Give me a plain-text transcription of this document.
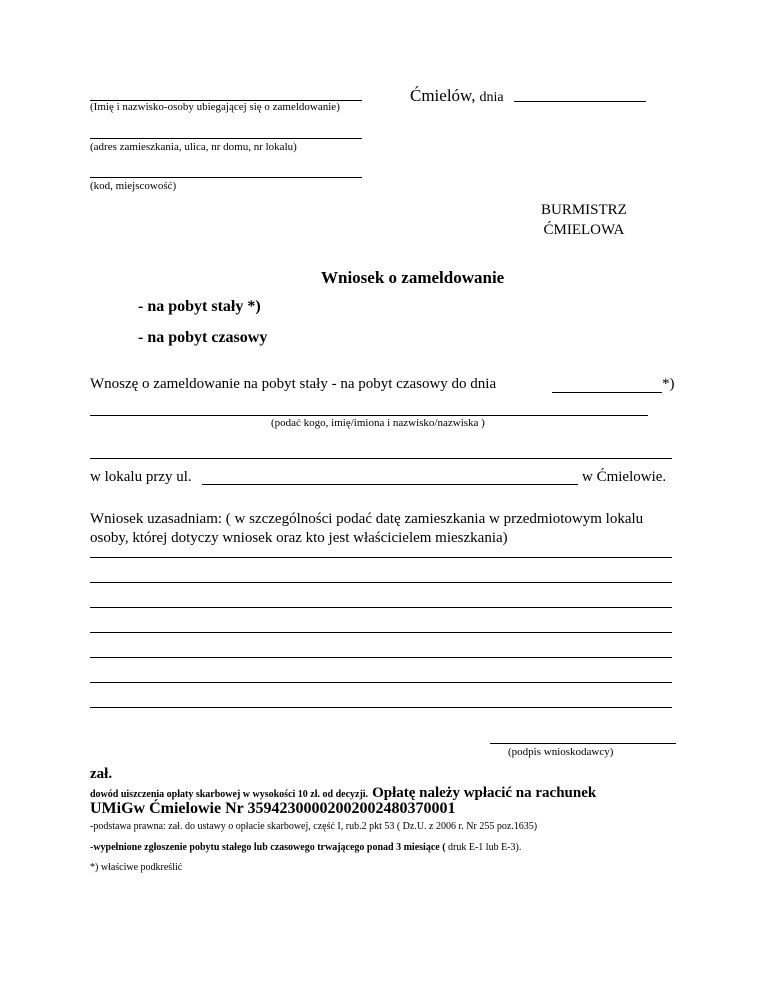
(Imię i nazwisko-osoby ubiegającej się o zameldowanie)
(adres zamieszkania, ulica, nr domu, nr lokalu)
(kod, miejscowość)
Ćmielów, dnia
BURMISTRZ
ĆMIELOWA
Wniosek o zameldowanie
- na pobyt stały *)
- na pobyt czasowy
Wnoszę o zameldowanie na pobyt stały - na pobyt czasowy do dnia	*)
(podać kogo, imię/imiona i nazwisko/nazwiska )
w lokalu przy ul.	w Ćmielowie.
Wniosek uzasadniam: ( w szczególności podać datę zamieszkania w przedmiotowym lokalu
osoby, której dotyczy wniosek oraz kto jest właścicielem mieszkania)
(podpis wnioskodawcy)
zał.
dowód uiszczenia opłaty skarbowej w wysokości 10 zł. od decyzji. Opłatę należy wpłacić na rachunek
UMiGw Ćmielowie Nr 35942300002002002480370001
-podstawa prawna: zał. do ustawy o opłacie skarbowej, część I, rub.2 pkt 53 ( Dz.U. z 2006 r. Nr 255 poz.1635)
-wypełnione zgłoszenie pobytu stałego lub czasowego trwającego ponad 3 miesiące ( druk E-1 lub E-3).
*) właściwe podkreślić
